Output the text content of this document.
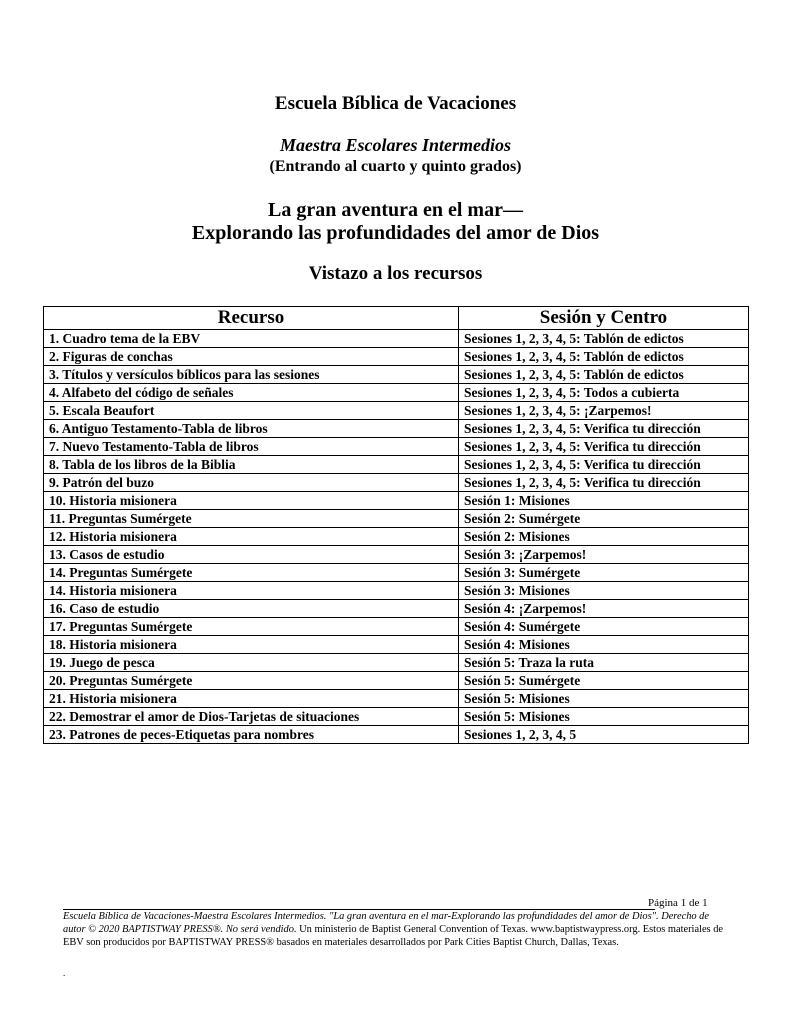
Escuela Bíblica de Vacaciones
Maestra Escolares Intermedios
(Entrando al cuarto y quinto grados)
La gran aventura en el mar—
Explorando las profundidades del amor de Dios
Vistazo a los recursos
Recurso	Sesión y Centro
1. Cuadro tema de la EBV	Sesiones 1, 2, 3, 4, 5: Tablón de edictos
2. Figuras de conchas	Sesiones 1, 2, 3, 4, 5: Tablón de edictos
3. Títulos y versículos bíblicos para las sesiones	Sesiones 1, 2, 3, 4, 5: Tablón de edictos
4. Alfabeto del código de señales	Sesiones 1, 2, 3, 4, 5: Todos a cubierta
5. Escala Beaufort	Sesiones 1, 2, 3, 4, 5: ¡Zarpemos!
6. Antiguo Testamento-Tabla de libros	Sesiones 1, 2, 3, 4, 5: Verifica tu dirección
7. Nuevo Testamento-Tabla de libros	Sesiones 1, 2, 3, 4, 5: Verifica tu dirección
8. Tabla de los libros de la Biblia	Sesiones 1, 2, 3, 4, 5: Verifica tu dirección
9. Patrón del buzo	Sesiones 1, 2, 3, 4, 5: Verifica tu dirección
10. Historia misionera	Sesión 1: Misiones
11. Preguntas Sumérgete	Sesión 2: Sumérgete
12. Historia misionera	Sesión 2: Misiones
13. Casos de estudio	Sesión 3: ¡Zarpemos!
14. Preguntas Sumérgete	Sesión 3: Sumérgete
14. Historia misionera	Sesión 3: Misiones
16. Caso de estudio	Sesión 4: ¡Zarpemos!
17. Preguntas Sumérgete	Sesión 4: Sumérgete
18. Historia misionera	Sesión 4: Misiones
19. Juego de pesca	Sesión 5: Traza la ruta
20. Preguntas Sumérgete	Sesión 5: Sumérgete
21. Historia misionera	Sesión 5: Misiones
22. Demostrar el amor de Dios-Tarjetas de situaciones	Sesión 5: Misiones
23. Patrones de peces-Etiquetas para nombres	Sesiones 1, 2, 3, 4, 5
Página 1 de 1
Escuela Bíblica de Vacaciones-Maestra Escolares Intermedios. "La gran aventura en el mar-Explorando las profundidades del amor de Dios". Derecho de autor © 2020 BAPTISTWAY PRESS®. No será vendido. Un ministerio de Baptist General Convention of Texas. www.baptistwaypress.org. Estos materiales de EBV son producidos por BAPTISTWAY PRESS® basados en materiales desarrollados por Park Cities Baptist Church, Dallas, Texas.
.
